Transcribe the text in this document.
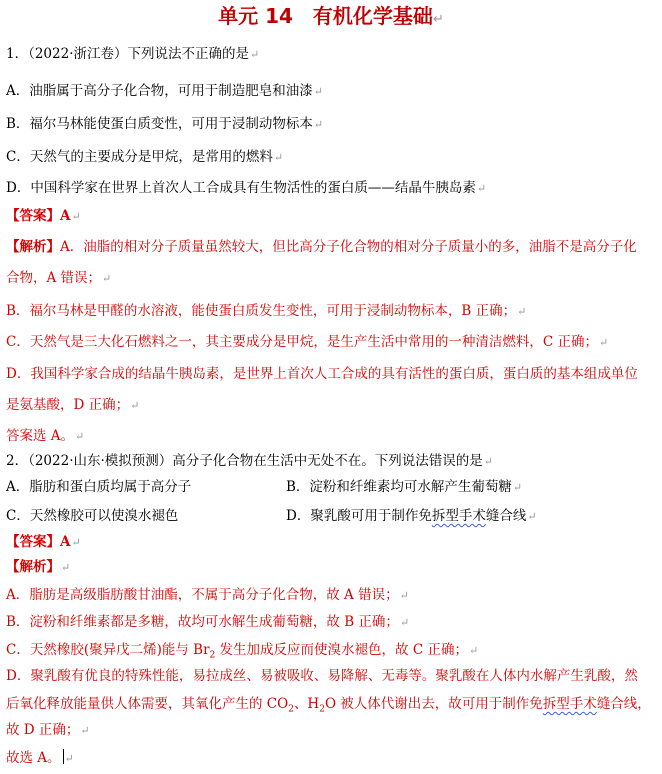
单元 14　有机化学基础↵
1．（2022·浙江卷）下列说法不正确的是↵
A．油脂属于高分子化合物，可用于制造肥皂和油漆↵
B．福尔马林能使蛋白质变性，可用于浸制动物标本↵
C．天然气的主要成分是甲烷，是常用的燃料↵
D．中国科学家在世界上首次人工合成具有生物活性的蛋白质——结晶牛胰岛素↵
【答案】A↵
【解析】A．油脂的相对分子质量虽然较大，但比高分子化合物的相对分子质量小的多，油脂不是高分子化
合物，A 错误；↵
B．福尔马林是甲醛的水溶液，能使蛋白质发生变性，可用于浸制动物标本，B 正确；↵
C．天然气是三大化石燃料之一，其主要成分是甲烷，是生产生活中常用的一种清洁燃料，C 正确；↵
D．我国科学家合成的结晶牛胰岛素，是世界上首次人工合成的具有活性的蛋白质，蛋白质的基本组成单位
是氨基酸，D 正确；↵
答案选 A。↵
2．（2022·山东·模拟预测）高分子化合物在生活中无处不在。下列说法错误的是↵
A．脂肪和蛋白质均属于高分子	B．淀粉和纤维素均可水解产生葡萄糖↵
C．天然橡胶可以使溴水褪色	D．聚乳酸可用于制作免拆型手术缝合线↵
【答案】A↵
【解析】↵
A．脂肪是高级脂肪酸甘油酯，不属于高分子化合物，故 A 错误；↵
B．淀粉和纤维素都是多糖，故均可水解生成葡萄糖，故 B 正确；↵
C．天然橡胶(聚异戊二烯)能与 $Br_2$ 发生加成反应而使溴水褪色，故 C 正确；↵
D．聚乳酸有优良的特殊性能，易拉成丝、易被吸收、易降解、无毒等。聚乳酸在人体内水解产生乳酸，然
后氧化释放能量供人体需要，其氧化产生的 $CO_2$、$H_2O$ 被人体代谢出去，故可用于制作免拆型手术缝合线，
故 D 正确；↵
故选 A。 ↵
